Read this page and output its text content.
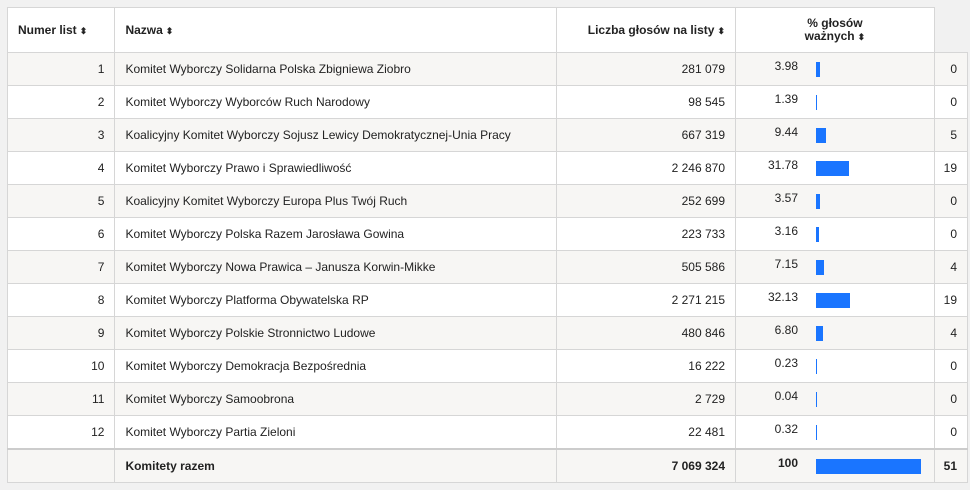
Numer list ⬍	Nazwa ⬍	Liczba głosów na listy ⬍	% głosów
ważnych ⬍	
1	Komitet Wyborczy Solidarna Polska Zbigniewa Ziobro	281 079	3.98	0
2	Komitet Wyborczy Wyborców Ruch Narodowy	98 545	1.39	0
3	Koalicyjny Komitet Wyborczy Sojusz Lewicy Demokratycznej-Unia Pracy	667 319	9.44	5
4	Komitet Wyborczy Prawo i Sprawiedliwość	2 246 870	31.78	19
5	Koalicyjny Komitet Wyborczy Europa Plus Twój Ruch	252 699	3.57	0
6	Komitet Wyborczy Polska Razem Jarosława Gowina	223 733	3.16	0
7	Komitet Wyborczy Nowa Prawica – Janusza Korwin-Mikke	505 586	7.15	4
8	Komitet Wyborczy Platforma Obywatelska RP	2 271 215	32.13	19
9	Komitet Wyborczy Polskie Stronnictwo Ludowe	480 846	6.80	4
10	Komitet Wyborczy Demokracja Bezpośrednia	16 222	0.23	0
11	Komitet Wyborczy Samoobrona	2 729	0.04	0
12	Komitet Wyborczy Partia Zieloni	22 481	0.32	0
	Komitety razem	7 069 324	100	51
